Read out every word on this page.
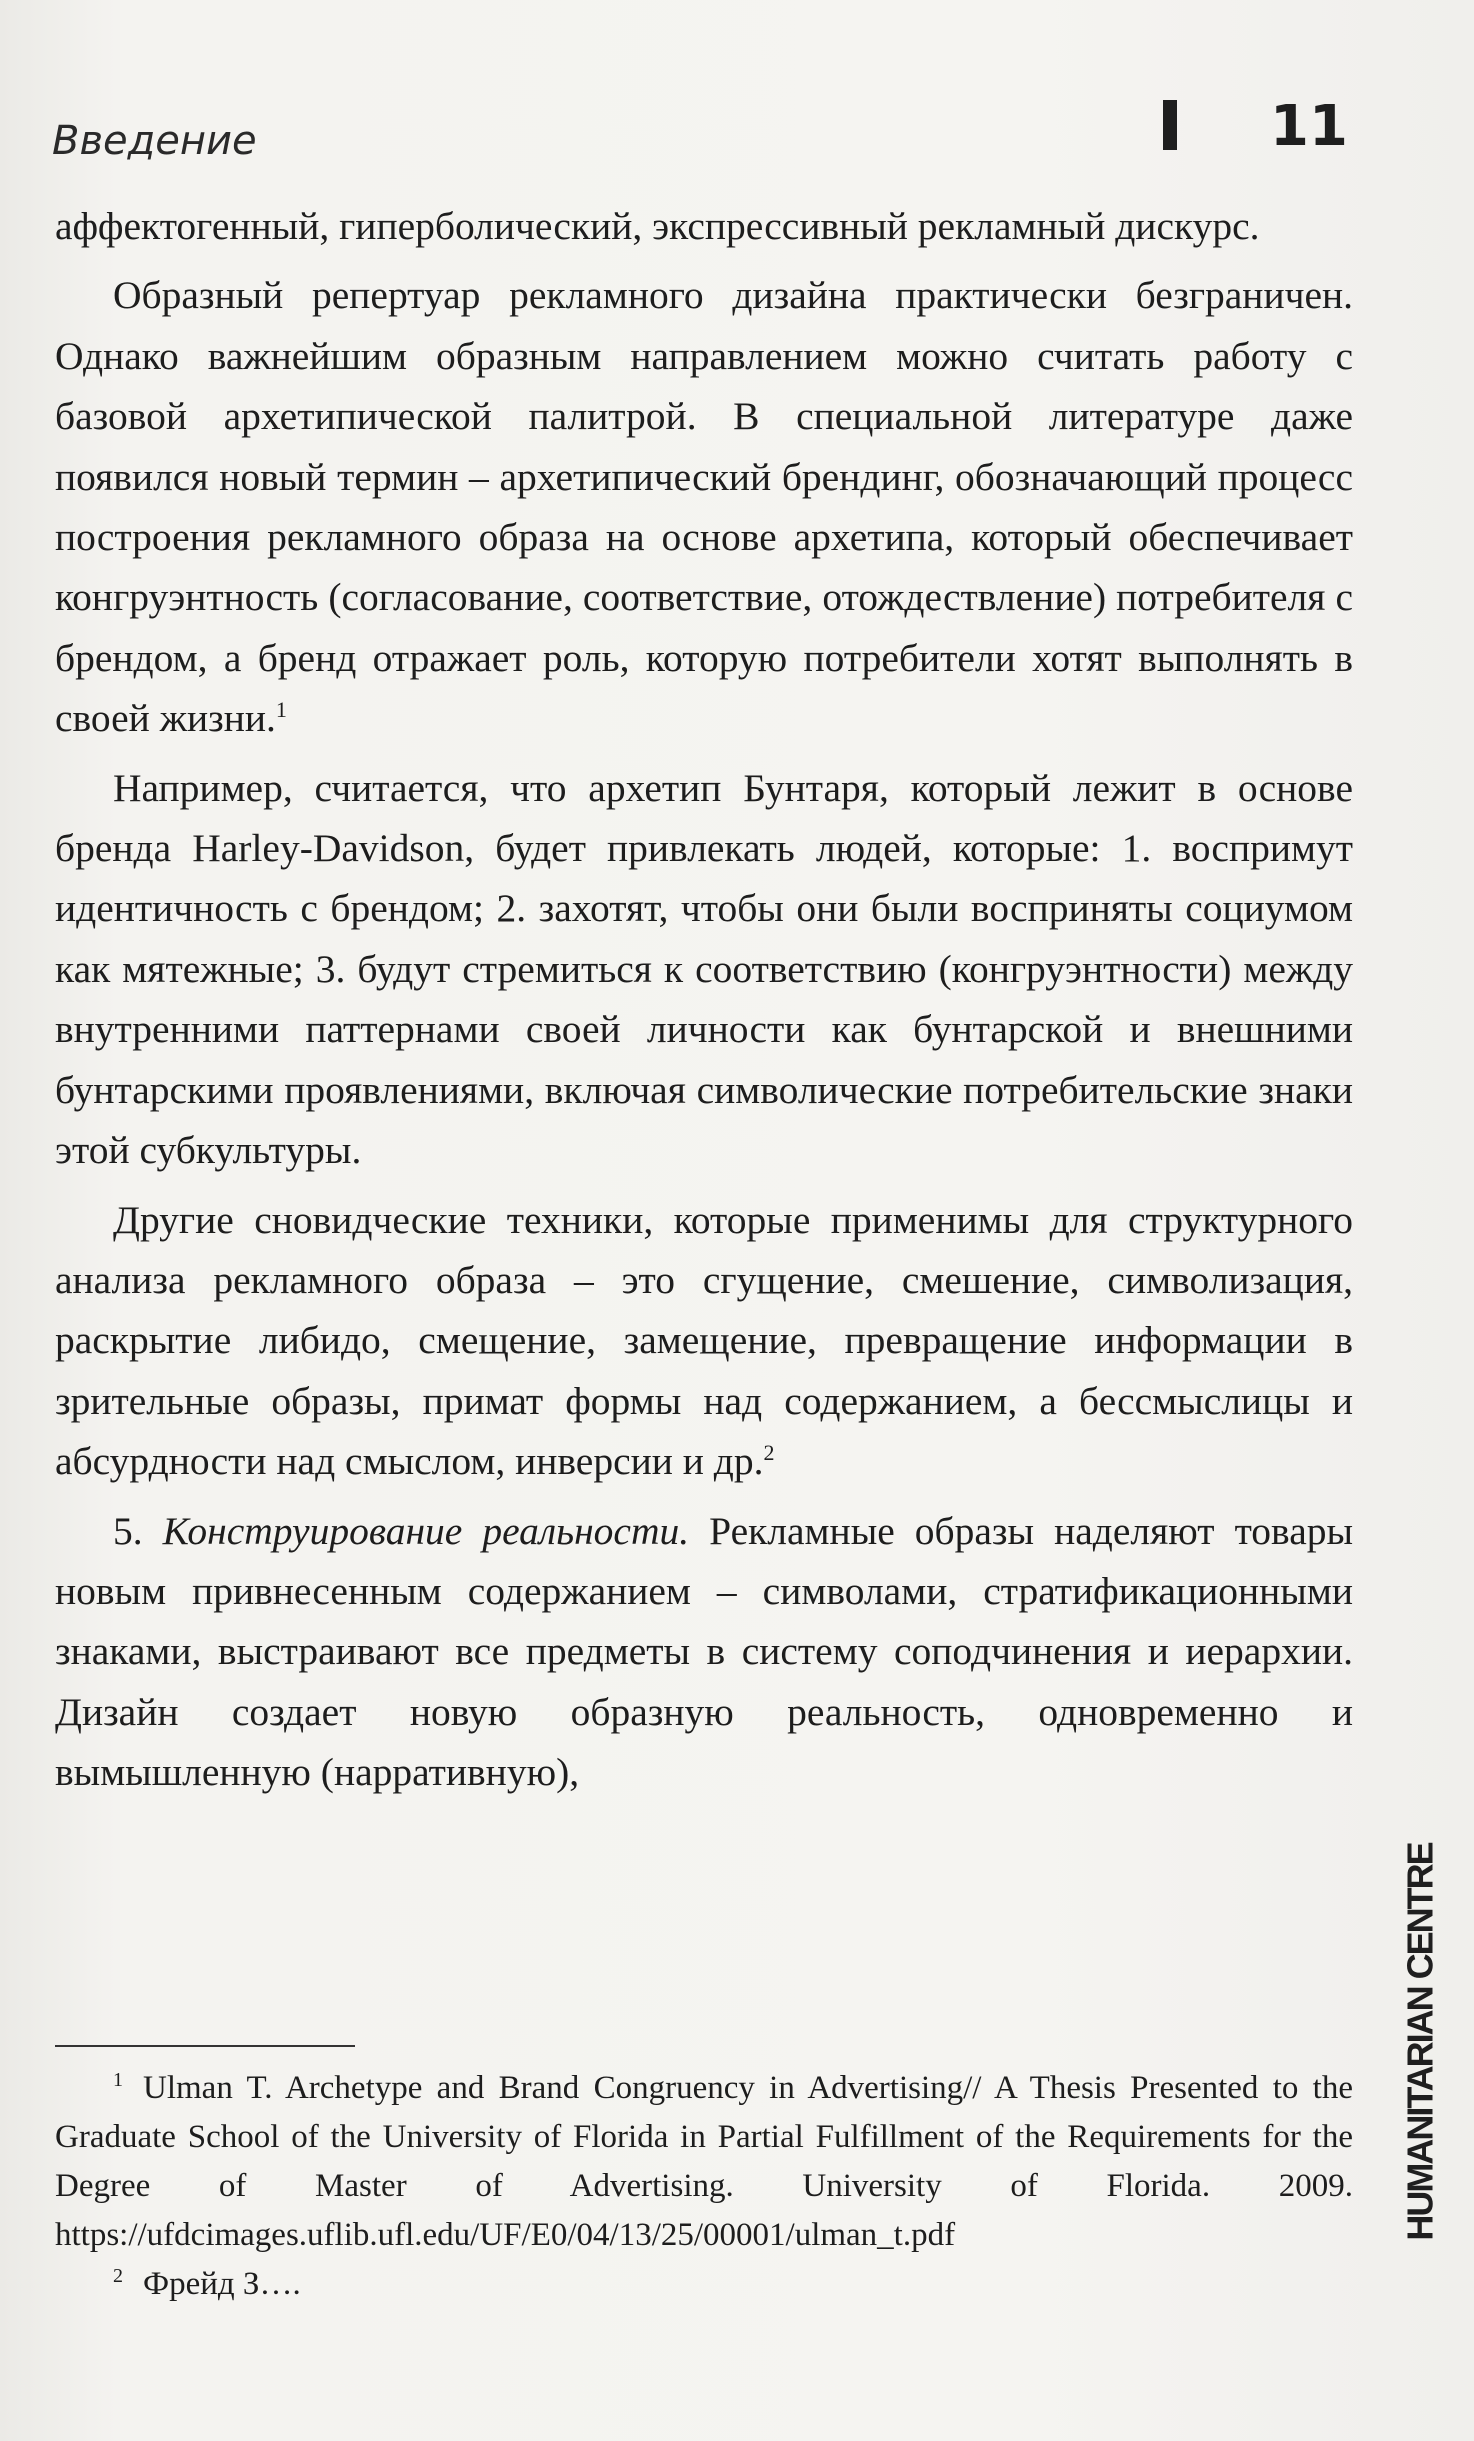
Введение	11

аффектогенный, гиперболический, экспрессивный рекламный дискурс.

Образный репертуар рекламного дизайна практически безграничен. Однако важнейшим образным направлением можно считать работу с базовой архетипической палитрой. В специальной литературе даже появился новый термин – архетипический брендинг, обозначающий процесс построения рекламного образа на основе архетипа, который обеспечивает конгруэнтность (согласование, соответствие, отождествление) потребителя с брендом, а бренд отражает роль, которую потребители хотят выполнять в своей жизни.$^1$

Например, считается, что архетип Бунтаря, который лежит в основе бренда Harley-Davidson, будет привлекать людей, которые: 1. воспримут идентичность с брендом; 2. захотят, чтобы они были восприняты социумом как мятежные; 3. будут стремиться к соответствию (конгруэнтности) между внутренними паттернами своей личности как бунтарской и внешними бунтарскими проявлениями, включая символические потребительские знаки этой субкультуры.

Другие сновидческие техники, которые применимы для структурного анализа рекламного образа – это сгущение, смешение, символизация, раскрытие либидо, смещение, замещение, превращение информации в зрительные образы, примат формы над содержанием, а бессмыслицы и абсурдности над смыслом, инверсии и др.$^2$

5. Конструирование реальности. Рекламные образы наделяют товары новым привнесенным содержанием – символами, стратификационными знаками, выстраивают все предметы в систему соподчинения и иерархии. Дизайн создает новую образную реальность, одновременно и вымышленную (нарративную),

$^1$ Ulman T. Archetype and Brand Congruency in Advertising// A Thesis Presented to the Graduate School of the University of Florida in Partial Fulfillment of the Requirements for the Degree of Master of Advertising. University of Florida. 2009. https://ufdcimages.uflib.ufl.edu/UF/E0/04/13/25/00001/ulman_t.pdf

$^2$ Фрейд З….

HUMANITARIAN CENTRE
